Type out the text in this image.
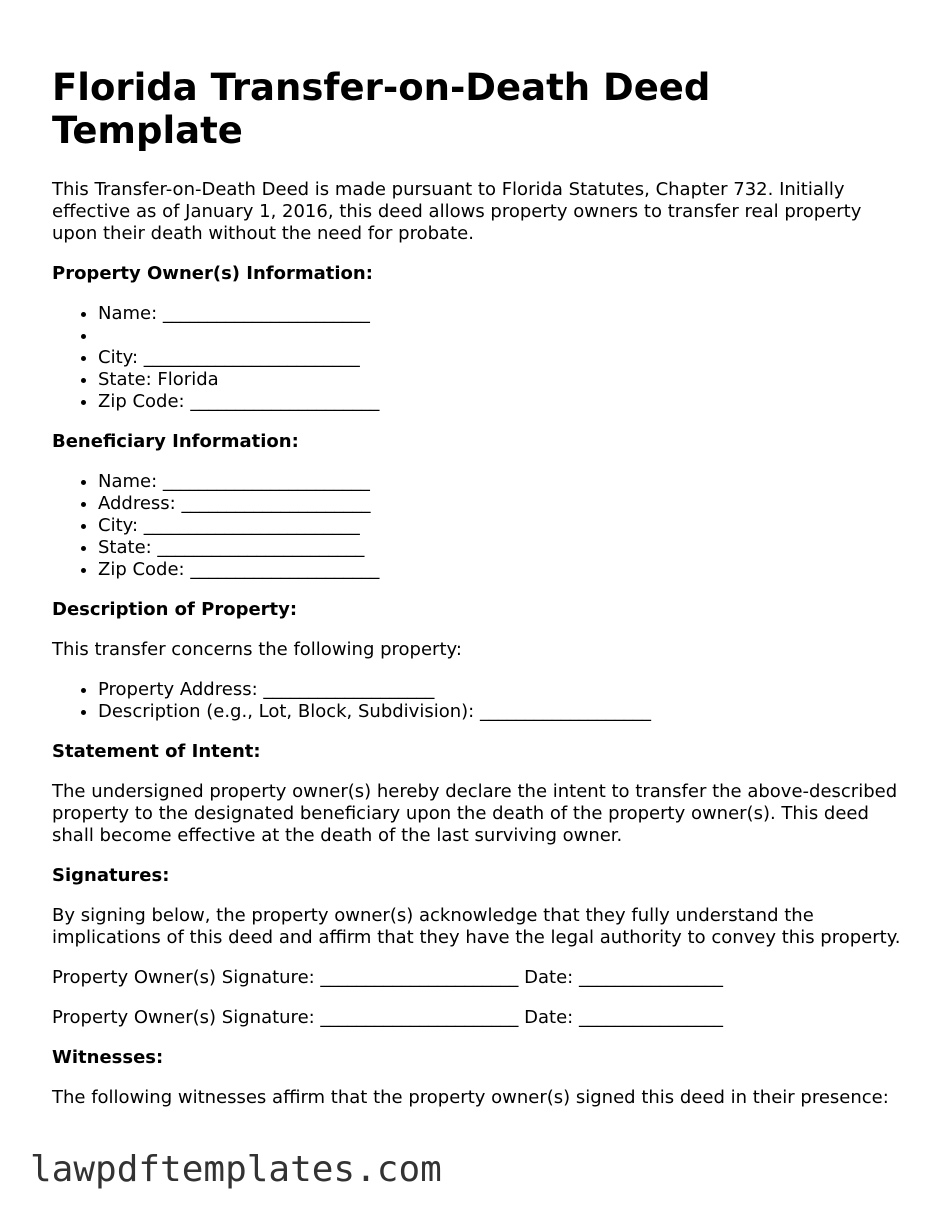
Florida Transfer-on-Death Deed Template

This Transfer-on-Death Deed is made pursuant to Florida Statutes, Chapter 732. Initially effective as of January 1, 2016, this deed allows property owners to transfer real property upon their death without the need for probate.

Property Owner(s) Information:
• Name: _______________________
•
• City: ________________________
• State: Florida
• Zip Code: _____________________
Beneficiary Information:
• Name: _______________________
• Address: _____________________
• City: ________________________
• State: _______________________
• Zip Code: _____________________
Description of Property:

This transfer concerns the following property:

• Property Address: ___________________
• Description (e.g., Lot, Block, Subdivision): ___________________
Statement of Intent:

The undersigned property owner(s) hereby declare the intent to transfer the above-described property to the designated beneficiary upon the death of the property owner(s). This deed shall become effective at the death of the last surviving owner.

Signatures:

By signing below, the property owner(s) acknowledge that they fully understand the implications of this deed and affirm that they have the legal authority to convey this property.

Property Owner(s) Signature: ______________________ Date: ________________

Property Owner(s) Signature: ______________________ Date: ________________

Witnesses:

The following witnesses affirm that the property owner(s) signed this deed in their presence:

lawpdftemplates.com
